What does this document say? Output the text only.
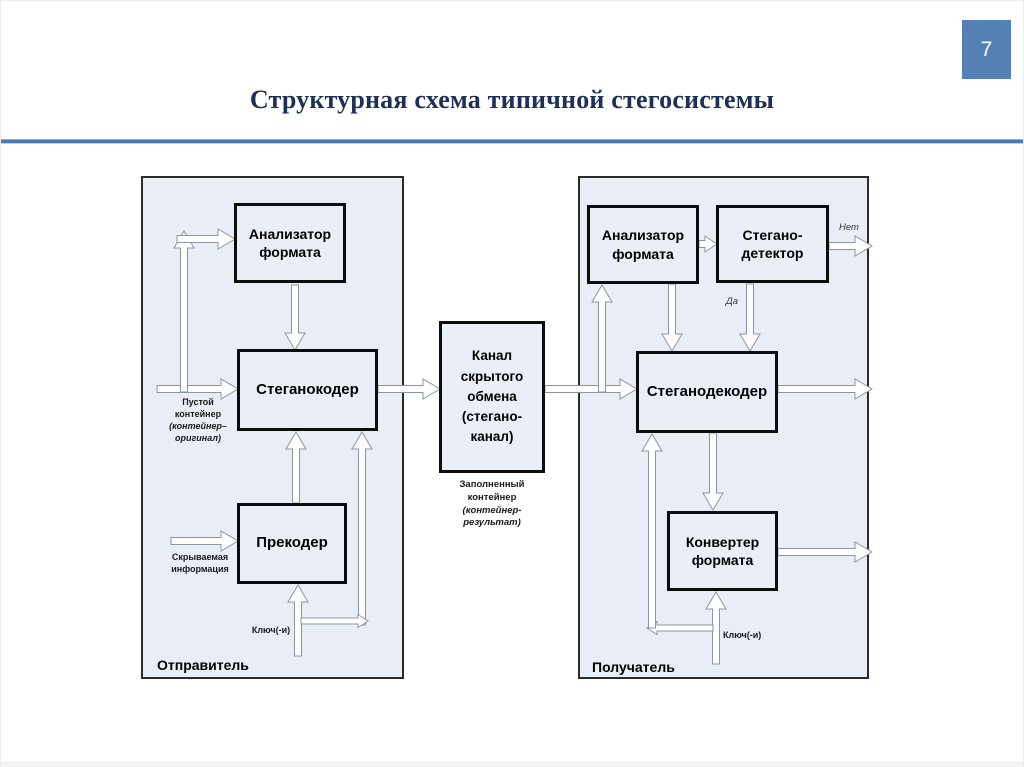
7
Структурная схема типичной стегосистемы
Анализатор
формата
Стеганокодер
Прекодер
Канал
скрытого
обмена
(стегано-
канал)
Анализатор
формата
Стегано-
детектор
Стеганодекодер
Конвертер
формата
Пустой
контейнер
(контейнер–
оригинал)
Скрываемая
информация
Ключ(-и)
Отправитель
Заполненный
контейнер
(контейнер-
результат)
Нет
Да
Ключ(-и)
Получатель
